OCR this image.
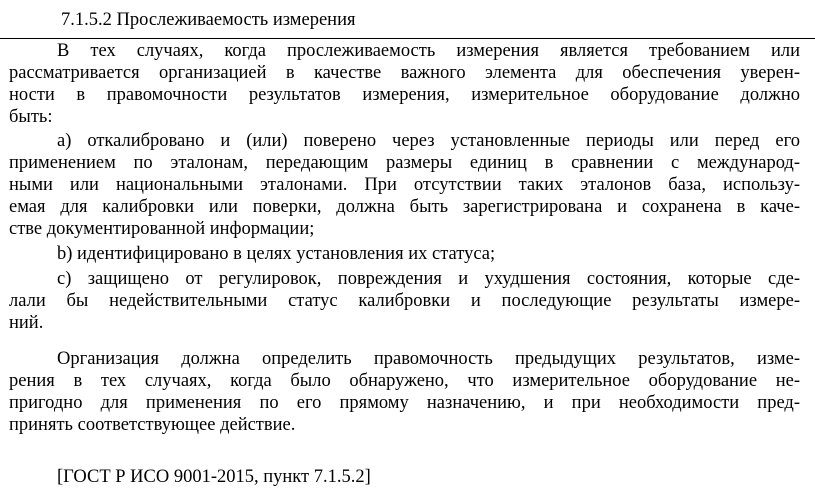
7.1.5.2 Прослеживаемость измерения
В тех случаях, когда прослеживаемость измерения является требованием или
рассматривается организацией в качестве важного элемента для обеспечения уверен-
ности в правомочности результатов измерения, измерительное оборудование должно
быть:
а) откалибровано и (или) поверено через установленные периоды или перед его
применением по эталонам, передающим размеры единиц в сравнении с международ-
ными или национальными эталонами. При отсутствии таких эталонов база, использу-
емая для калибровки или поверки, должна быть зарегистрирована и сохранена в каче-
стве документированной информации;
b) идентифицировано в целях установления их статуса;
c) защищено от регулировок, повреждения и ухудшения состояния, которые сде-
лали бы недействительными статус калибровки и последующие результаты измере-
ний.
Организация должна определить правомочность предыдущих результатов, изме-
рения в тех случаях, когда было обнаружено, что измерительное оборудование не-
пригодно для применения по его прямому назначению, и при необходимости пред-
принять соответствующее действие.
[ГОСТ Р ИСО 9001-2015, пункт 7.1.5.2]
